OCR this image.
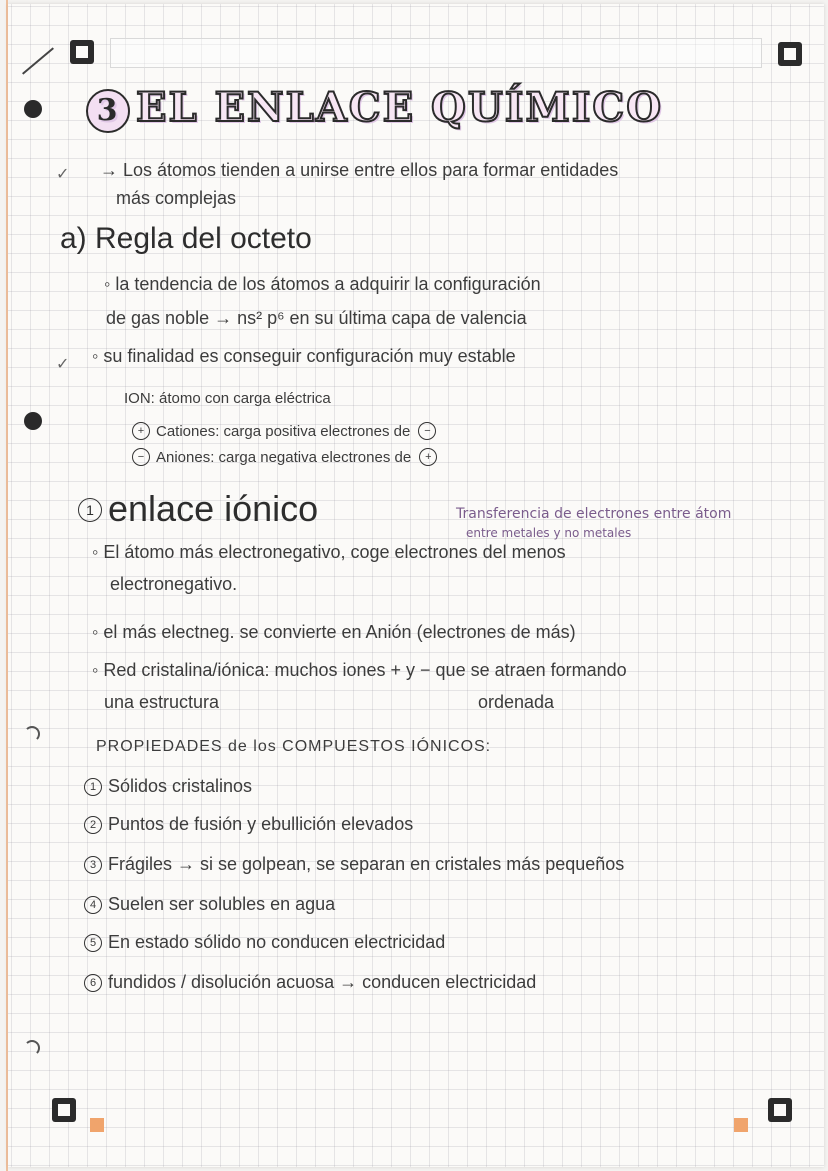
3 EL ENLACE QUÍMICO
✓ → Los átomos tienden a unirse entre ellos para formar entidades
más complejas
a) Regla del octeto
◦ la tendencia de los átomos a adquirir la configuración
de gas noble → ns² p⁶ en su última capa de valencia
✓ ◦ su finalidad es conseguir configuración muy estable
ION: átomo con carga eléctrica
+ Cationes: carga positiva electrones de −
− Aniones: carga negativa electrones de +
1 enlace iónico	Transferencia de electrones entre átom
entre metales y no metales
◦ El átomo más electronegativo, coge electrones del menos
electronegativo.
◦ el más electneg. se convierte en Anión (electrones de más)
◦ Red cristalina/iónica: muchos iones + y − que se atraen formando
una estructura	ordenada
PROPIEDADES de los COMPUESTOS IÓNICOS:
1 Sólidos cristalinos
2 Puntos de fusión y ebullición elevados
3 Frágiles → si se golpean, se separan en cristales más pequeños
4 Suelen ser solubles en agua
5 En estado sólido no conducen electricidad
6 fundidos / disolución acuosa → conducen electricidad
